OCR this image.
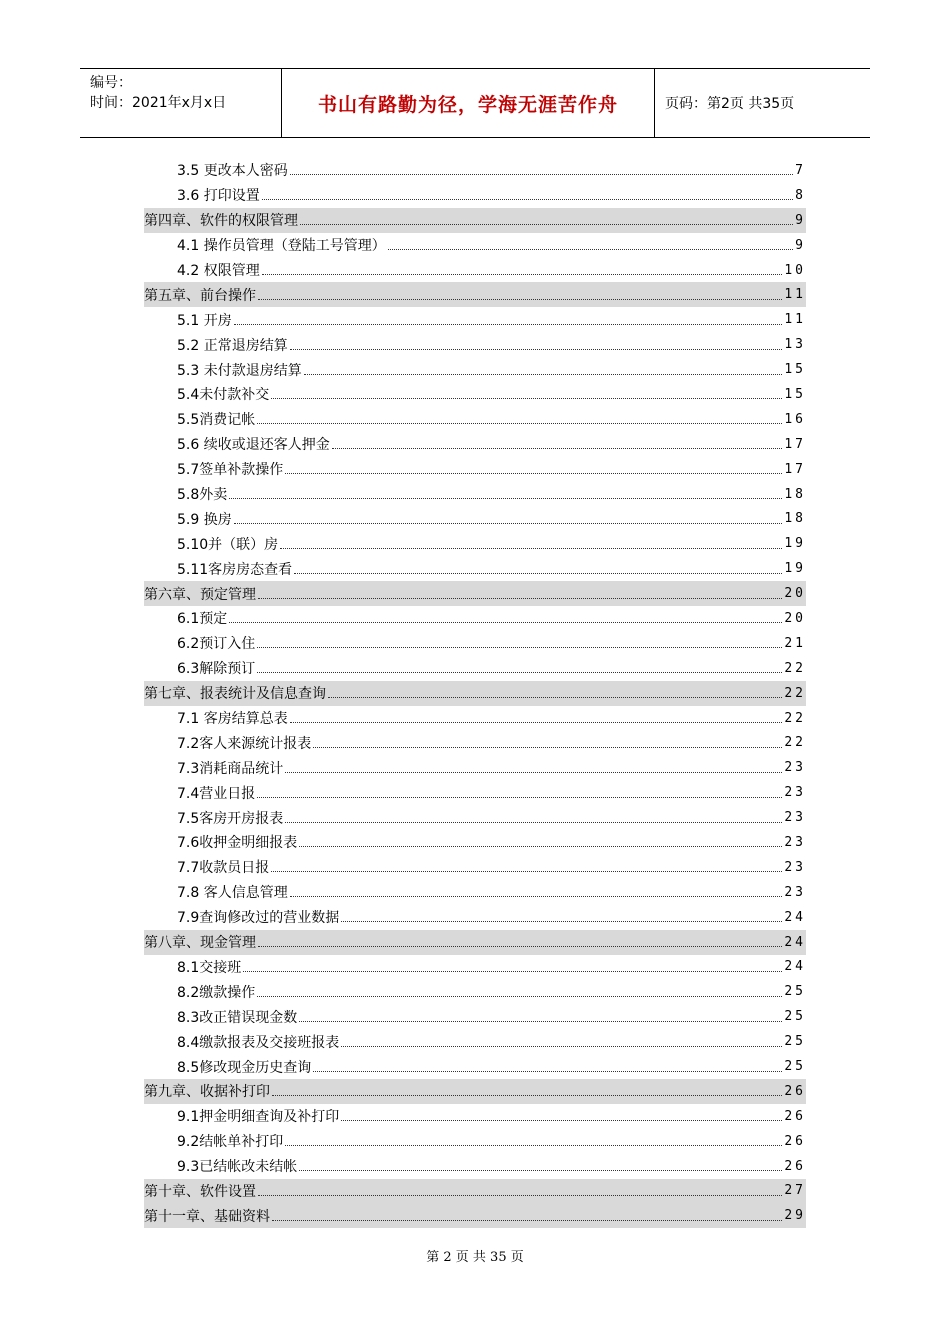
编号：
时间：2021年x月x日	书山有路勤为径，学海无涯苦作舟	页码：第2页 共35页
3.5 更改本人密码	7
3.6 打印设置	8
第四章、软件的权限管理	9
4.1 操作员管理（登陆工号管理）	9
4.2 权限管理	10
第五章、前台操作	11
5.1 开房	11
5.2 正常退房结算	13
5.3 未付款退房结算	15
5.4未付款补交	15
5.5消费记帐	16
5.6 续收或退还客人押金	17
5.7签单补款操作	17
5.8外卖	18
5.9 换房	18
5.10并（联）房	19
5.11客房房态查看	19
第六章、预定管理	20
6.1预定	20
6.2预订入住	21
6.3解除预订	22
第七章、报表统计及信息查询	22
7.1 客房结算总表	22
7.2客人来源统计报表	22
7.3消耗商品统计	23
7.4营业日报	23
7.5客房开房报表	23
7.6收押金明细报表	23
7.7收款员日报	23
7.8 客人信息管理	23
7.9查询修改过的营业数据	24
第八章、现金管理	24
8.1交接班	24
8.2缴款操作	25
8.3改正错误现金数	25
8.4缴款报表及交接班报表	25
8.5修改现金历史查询	25
第九章、收据补打印	26
9.1押金明细查询及补打印	26
9.2结帐单补打印	26
9.3已结帐改未结帐	26
第十章、软件设置	27
第十一章、基础资料	29
第 2 页 共 35 页
